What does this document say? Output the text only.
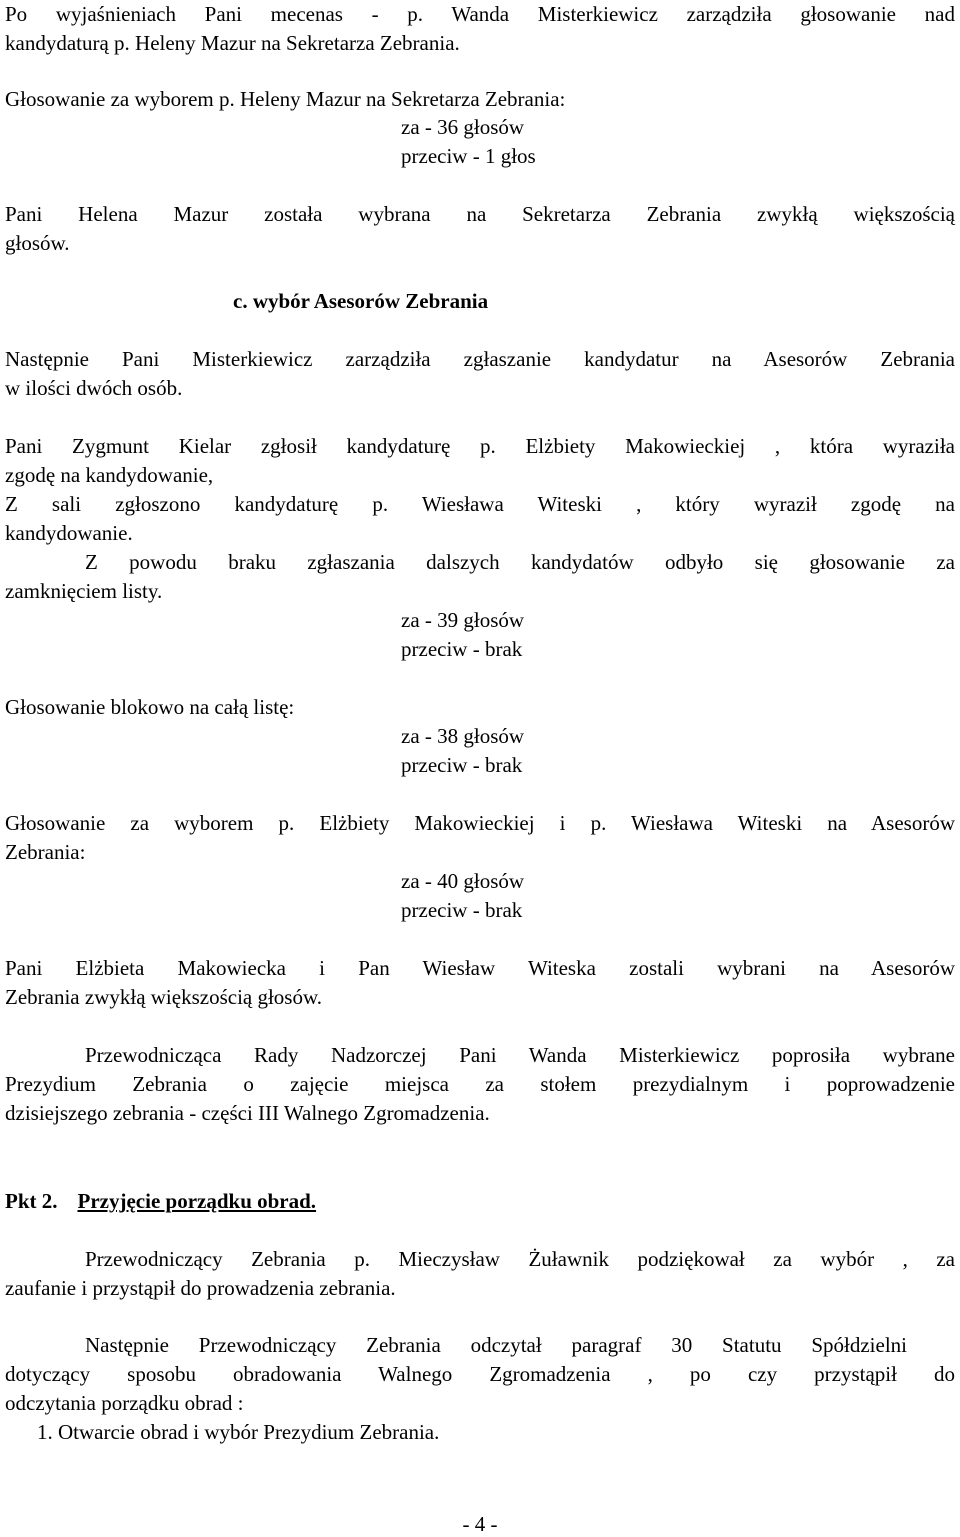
Po wyjaśnieniach Pani mecenas - p. Wanda Misterkiewicz zarządziła głosowanie nad
kandydaturą p. Heleny Mazur na Sekretarza Zebrania.
Głosowanie za wyborem p. Heleny Mazur na Sekretarza Zebrania:
za - 36 głosów
przeciw - 1 głos
Pani Helena Mazur została wybrana na Sekretarza Zebrania zwykłą większością
głosów.
c. wybór Asesorów Zebrania
Następnie Pani Misterkiewicz zarządziła zgłaszanie kandydatur na Asesorów Zebrania
w ilości dwóch osób.
Pani Zygmunt Kielar zgłosił kandydaturę p. Elżbiety Makowieckiej , która wyraziła
zgodę na kandydowanie,
Z sali zgłoszono kandydaturę p. Wiesława Witeski , który wyraził zgodę na
kandydowanie.
Z powodu braku zgłaszania dalszych kandydatów odbyło się głosowanie za
zamknięciem listy.
za - 39 głosów
przeciw - brak
Głosowanie blokowo na całą listę:
za - 38 głosów
przeciw - brak
Głosowanie za wyborem p. Elżbiety Makowieckiej i p. Wiesława Witeski na Asesorów
Zebrania:
za - 40 głosów
przeciw - brak
Pani Elżbieta Makowiecka i Pan Wiesław Witeska zostali wybrani na Asesorów
Zebrania zwykłą większością głosów.
Przewodnicząca Rady Nadzorczej Pani Wanda Misterkiewicz poprosiła wybrane
Prezydium Zebrania o zajęcie miejsca za stołem prezydialnym i poprowadzenie
dzisiejszego zebrania - części III Walnego Zgromadzenia.
Pkt 2. Przyjęcie porządku obrad.
Przewodniczący Zebrania p. Mieczysław Żuławnik podziękował za wybór , za
zaufanie i przystąpił do prowadzenia zebrania.
Następnie Przewodniczący Zebrania odczytał paragraf 30 Statutu Spółdzielni
dotyczący sposobu obradowania Walnego Zgromadzenia , po czy przystąpił do
odczytania porządku obrad :
1. Otwarcie obrad i wybór Prezydium Zebrania.
- 4 -
